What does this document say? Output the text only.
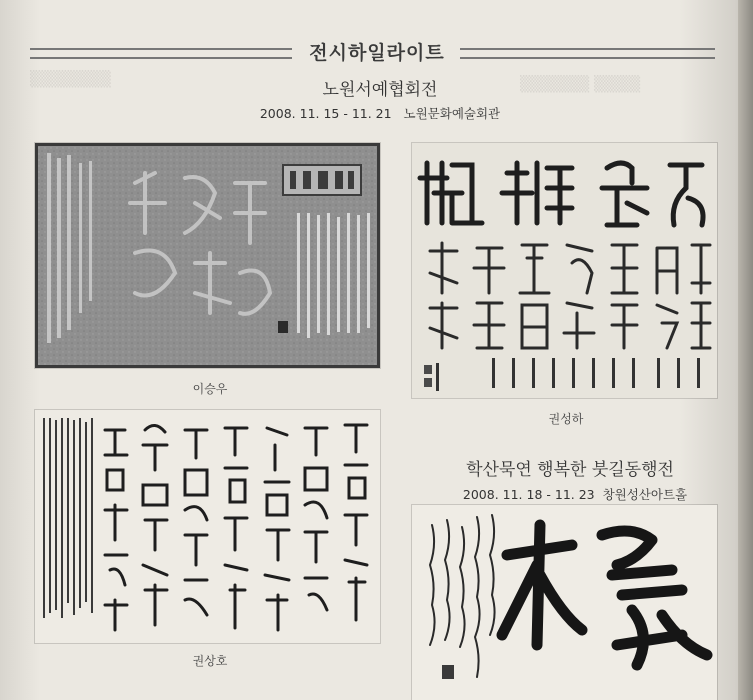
▒▒▒▒▒▒ ▒▒▒▒
▒▒▒▒▒▒▒
전시하일라이트
노원서예협회전
2008. 11. 15 - 11. 21 노원문화예술회관
이승우
권성하
권상호
학산묵연 행복한 붓길동행전
2008. 11. 18 - 11. 23 창원성산아트홀
